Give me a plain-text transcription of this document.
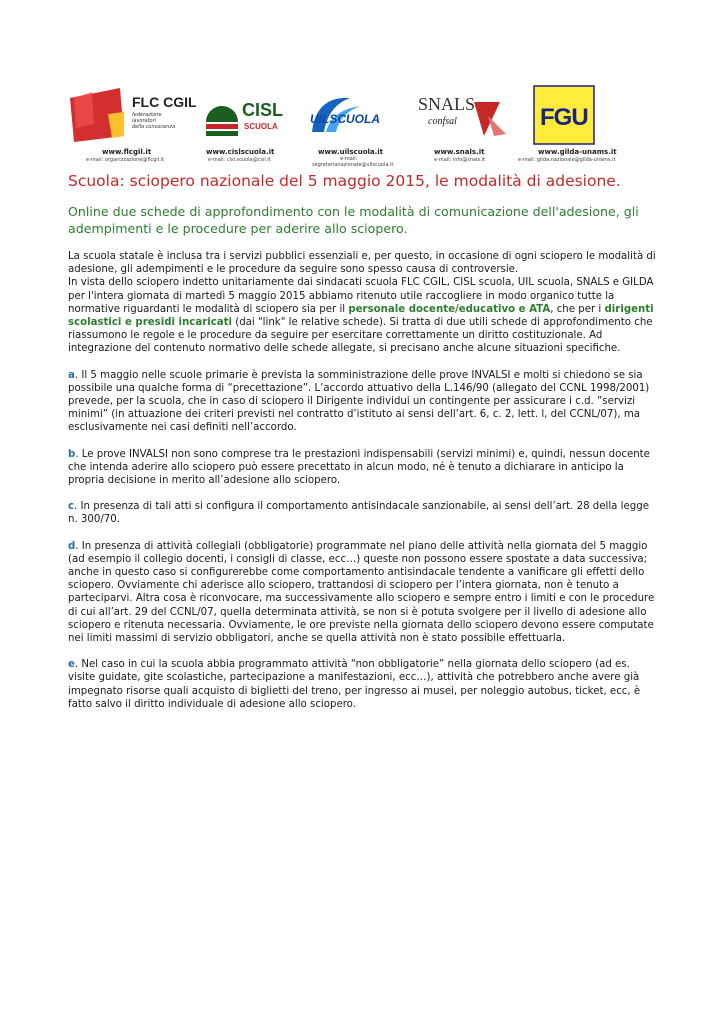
FLC CGIL
federazione
lavoratori
della conoscenza
www.flcgil.it
e-mail: organizzazione@flcgil.it
CISL
SCUOLA
www.cislscuola.it
e-mail: cisl.scuola@cisl.it
UILSCUOLA
www.uilscuola.it
e-mail:
segreterianazionale@uilscuola.it
SNALS
confsal
www.snals.it
e-mail: info@snals.it
FGU
www.gilda-unams.it
e-mail: gilda.nazionale@gilda-unams.it
Scuola: sciopero nazionale del 5 maggio 2015, le modalità di adesione.

Online due schede di approfondimento con le modalità di comunicazione dell'adesione, gli adempimenti e le procedure per aderire allo sciopero.

La scuola statale è inclusa tra i servizi pubblici essenziali e, per questo, in occasione di ogni sciopero le modalità di adesione, gli adempimenti e le procedure da seguire sono spesso causa di controversie.
In vista dello sciopero indetto unitariamente dai sindacati scuola FLC CGIL, CISL scuola, UIL scuola, SNALS e GILDA per l'intera giornata di martedì 5 maggio 2015 abbiamo ritenuto utile raccogliere in modo organico tutte la normative riguardanti le modalità di sciopero sia per il personale docente/educativo e ATA, che per i dirigenti scolastici e presidi incaricati (dai "link" le relative schede). Si tratta di due utili schede di approfondimento che riassumono le regole e le procedure da seguire per esercitare correttamente un diritto costituzionale. Ad integrazione del contenuto normativo delle schede allegate, si precisano anche alcune situazioni specifiche.

a. Il 5 maggio nelle scuole primarie è prevista la somministrazione delle prove INVALSI e molti si chiedono se sia possibile una qualche forma di “precettazione”. L’accordo attuativo della L.146/90 (allegato del CCNL 1998/2001) prevede, per la scuola, che in caso di sciopero il Dirigente individui un contingente per assicurare i c.d. ”servizi minimi” (in attuazione dei criteri previsti nel contratto d’istituto ai sensi dell’art. 6, c. 2, lett. l, del CCNL/07), ma esclusivamente nei casi definiti nell’accordo.

b. Le prove INVALSI non sono comprese tra le prestazioni indispensabili (servizi minimi) e, quindi, nessun docente che intenda aderire allo sciopero può essere precettato in alcun modo, né è tenuto a dichiarare in anticipo la propria decisione in merito all’adesione allo sciopero.

c. In presenza di tali atti si configura il comportamento antisindacale sanzionabile, ai sensi dell’art. 28 della legge n. 300/70.

d. In presenza di attività collegiali (obbligatorie) programmate nel piano delle attività nella giornata del 5 maggio (ad esempio il collegio docenti, i consigli di classe, ecc…) queste non possono essere spostate a data successiva; anche in questo caso si configurerebbe come comportamento antisindacale tendente a vanificare gli effetti dello sciopero. Ovviamente chi aderisce allo sciopero, trattandosi di sciopero per l’intera giornata, non è tenuto a parteciparvi. Altra cosa è riconvocare, ma successivamente allo sciopero e sempre entro i limiti e con le procedure di cui all’art. 29 del CCNL/07, quella determinata attività, se non si è potuta svolgere per il livello di adesione allo sciopero e ritenuta necessaria. Ovviamente, le ore previste nella giornata dello sciopero devono essere computate nei limiti massimi di servizio obbligatori, anche se quella attività non è stato possibile effettuarla.

e. Nel caso in cui la scuola abbia programmato attività “non obbligatorie” nella giornata dello sciopero (ad es. visite guidate, gite scolastiche, partecipazione a manifestazioni, ecc…), attività che potrebbero anche avere già impegnato risorse quali acquisto di biglietti del treno, per ingresso ai musei, per noleggio autobus, ticket, ecc, è fatto salvo il diritto individuale di adesione allo sciopero.
